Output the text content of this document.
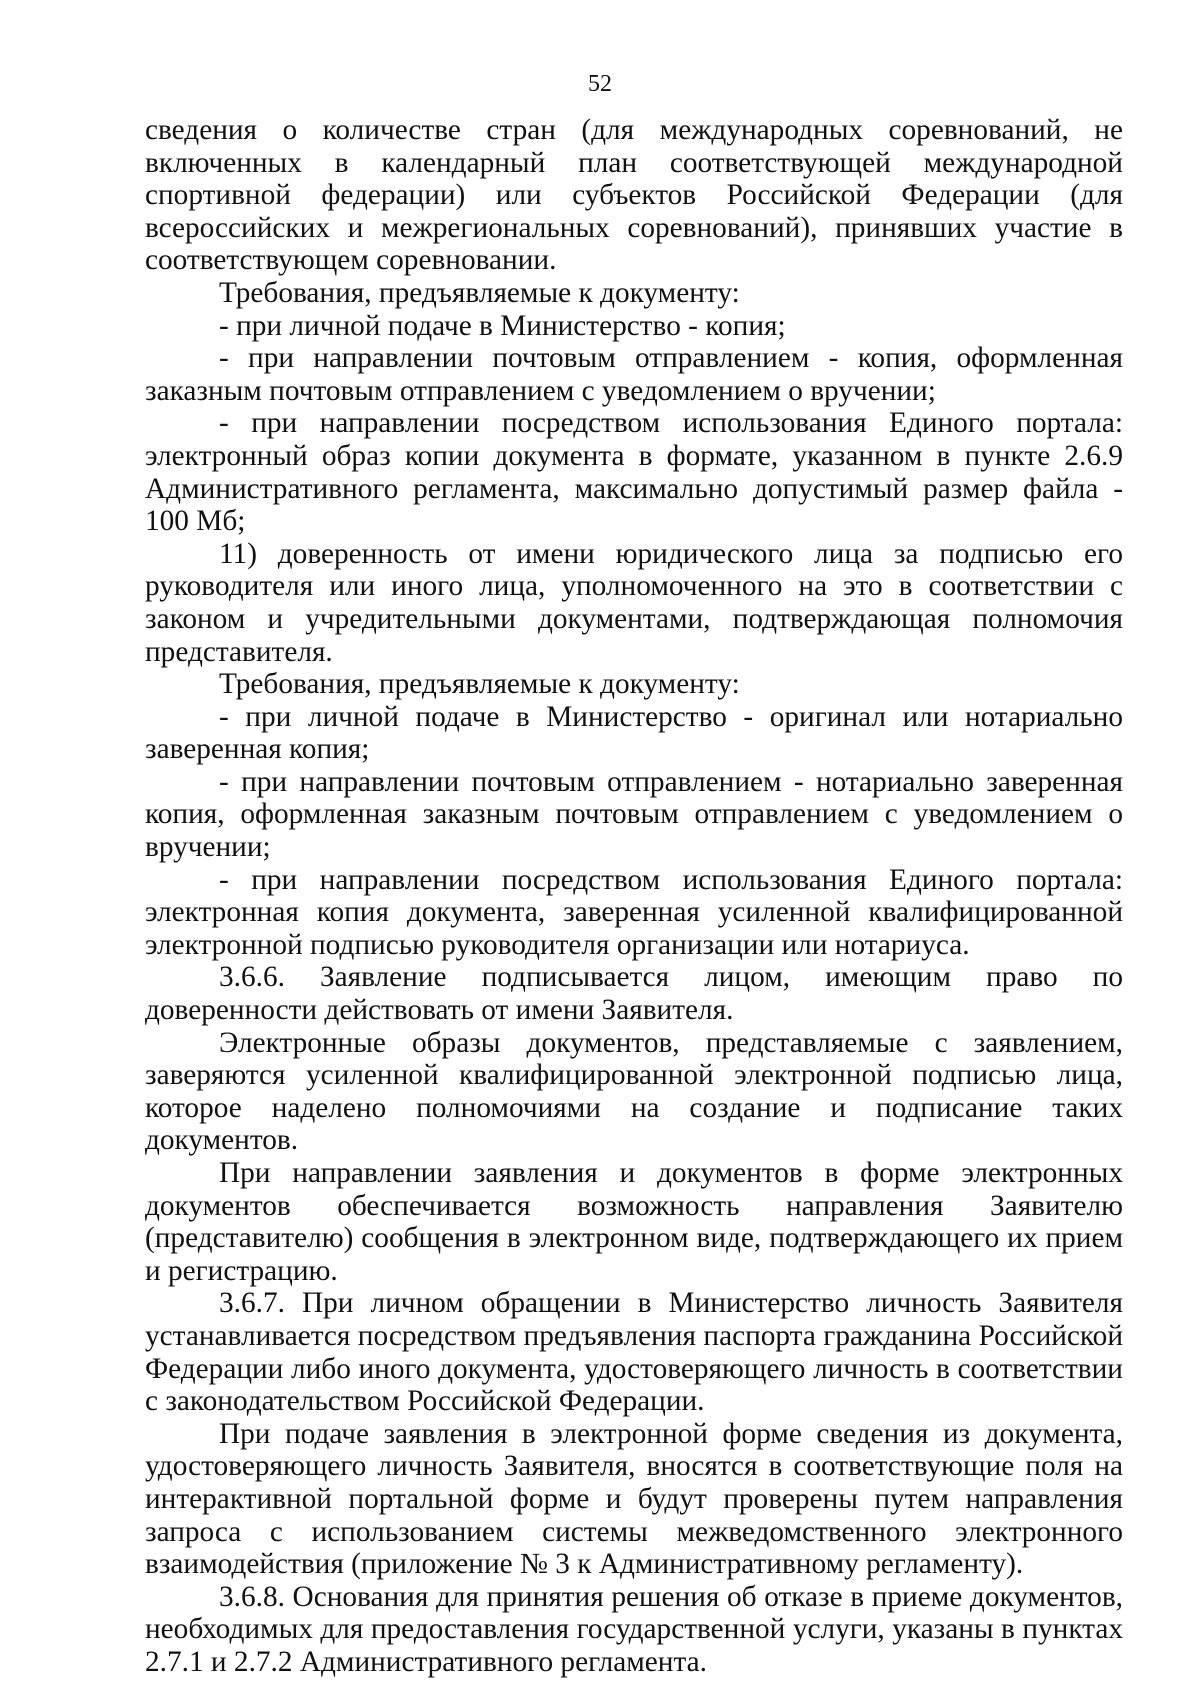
52

сведения о количестве стран (для международных соревнований, не включенных в календарный план соответствующей международной спортивной федерации) или субъектов Российской Федерации (для всероссийских и межрегиональных соревнований), принявших участие в соответствующем соревновании.

Требования, предъявляемые к документу:

- при личной подаче в Министерство - копия;

- при направлении почтовым отправлением - копия, оформленная заказным почтовым отправлением с уведомлением о вручении;

- при направлении посредством использования Единого портала: электронный образ копии документа в формате, указанном в пункте 2.6.9 Административного регламента, максимально допустимый размер файла - 100 Мб;

11) доверенность от имени юридического лица за подписью его руководителя или иного лица, уполномоченного на это в соответствии с законом и учредительными документами, подтверждающая полномочия представителя.

Требования, предъявляемые к документу:

- при личной подаче в Министерство - оригинал или нотариально заверенная копия;

- при направлении почтовым отправлением - нотариально заверенная копия, оформленная заказным почтовым отправлением с уведомлением о вручении;

- при направлении посредством использования Единого портала: электронная копия документа, заверенная усиленной квалифицированной электронной подписью руководителя организации или нотариуса.

3.6.6. Заявление подписывается лицом, имеющим право по доверенности действовать от имени Заявителя.

Электронные образы документов, представляемые с заявлением, заверяются усиленной квалифицированной электронной подписью лица, которое наделено полномочиями на создание и подписание таких документов.

При направлении заявления и документов в форме электронных документов обеспечивается возможность направления Заявителю (представителю) сообщения в электронном виде, подтверждающего их прием и регистрацию.

3.6.7. При личном обращении в Министерство личность Заявителя устанавливается посредством предъявления паспорта гражданина Российской Федерации либо иного документа, удостоверяющего личность в соответствии с законодательством Российской Федерации.

При подаче заявления в электронной форме сведения из документа, удостоверяющего личность Заявителя, вносятся в соответствующие поля на интерактивной портальной форме и будут проверены путем направления запроса с использованием системы межведомственного электронного взаимодействия (приложение № 3 к Административному регламенту).

3.6.8. Основания для принятия решения об отказе в приеме документов, необходимых для предоставления государственной услуги, указаны в пунктах 2.7.1 и 2.7.2 Административного регламента.
